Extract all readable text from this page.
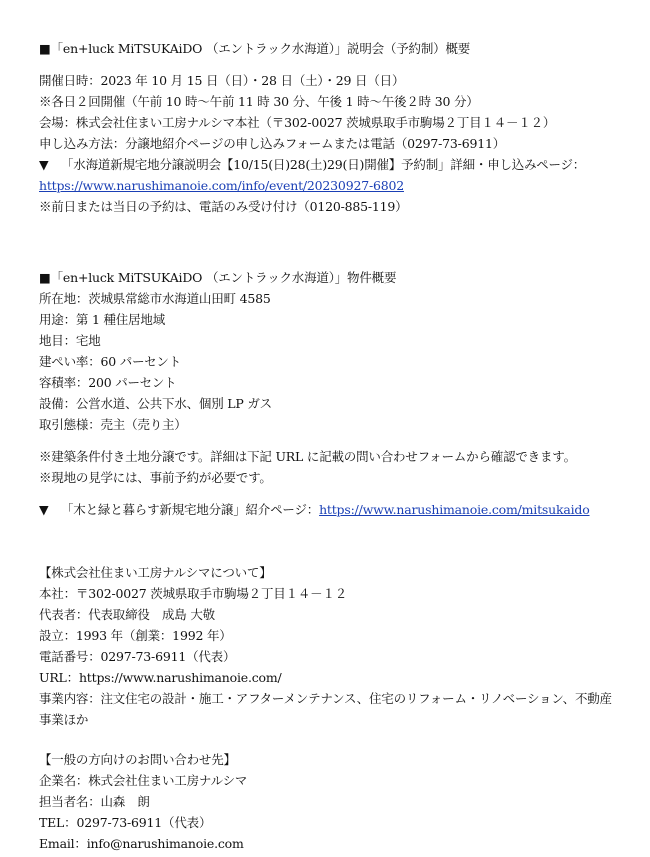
■「en+luck MiTSUKAiDO （エントラック水海道）」説明会（予約制）概要
開催日時：2023 年 10 月 15 日（日）・28 日（土）・29 日（日）
※各日２回開催（午前 10 時～午前 11 時 30 分、午後 1 時～午後２時 30 分）
会場：株式会社住まい工房ナルシマ本社（〒302-0027 茨城県取手市駒場２丁目１４－１２）
申し込み方法：分譲地紹介ページの申し込みフォームまたは電話（0297-73-6911）
▼ 「水海道新規宅地分譲説明会【10/15(日)28(土)29(日)開催】予約制」詳細・申し込みページ：
https://www.narushimanoie.com/info/event/20230927-6802
※前日または当日の予約は、電話のみ受け付け（0120-885-119）
■「en+luck MiTSUKAiDO （エントラック水海道）」物件概要
所在地：茨城県常総市水海道山田町 4585
用途：第 1 種住居地域
地目：宅地
建ぺい率：60 パーセント
容積率：200 パーセント
設備：公営水道、公共下水、個別 LP ガス
取引態様：売主（売り主）
※建築条件付き土地分譲です。詳細は下記 URL に記載の問い合わせフォームから確認できます。
※現地の見学には、事前予約が必要です。
▼ 「木と緑と暮らす新規宅地分譲」紹介ページ：https://www.narushimanoie.com/mitsukaido
【株式会社住まい工房ナルシマについて】
本社：〒302-0027 茨城県取手市駒場２丁目１４－１２
代表者：代表取締役　成島 大敬
設立：1993 年（創業：1992 年）
電話番号：0297-73-6911（代表）
URL：https://www.narushimanoie.com/
事業内容：注文住宅の設計・施工・アフターメンテナンス、住宅のリフォーム・リノベーション、不動産
事業ほか
【一般の方向けのお問い合わせ先】
企業名：株式会社住まい工房ナルシマ
担当者名：山森　朗
TEL：0297-73-6911（代表）
Email：info@narushimanoie.com
